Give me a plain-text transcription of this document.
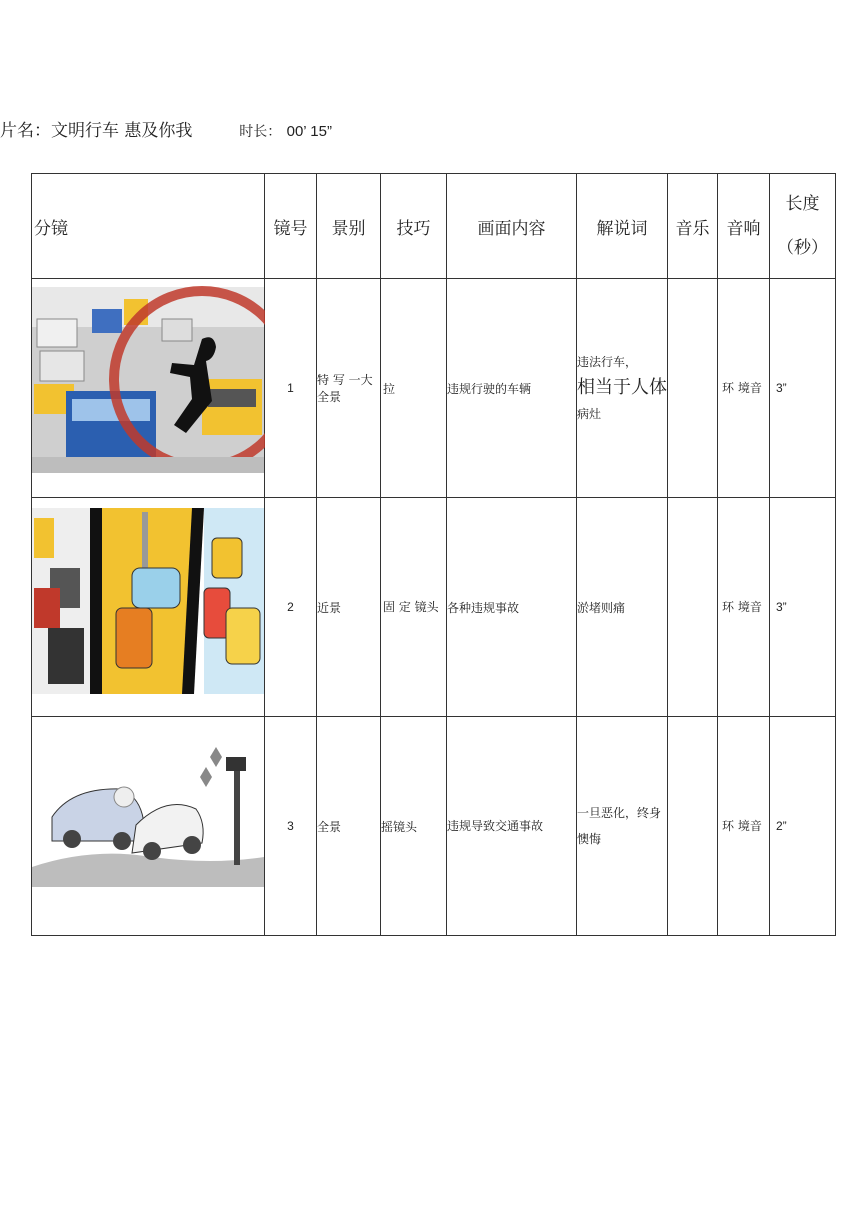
片名：文明行车 惠及你我	时长： 00’ 15”
分镜	镜号	景别	技巧	画面内容	解说词	音乐	音响	长度
（秒）

	1	特 写 一大全景	拉	违规行驶的车辆	违法行车，
相当于人体
病灶		环 境音	3”

	2	近景	固 定 镜头	各种违规事故	淤堵则痛		环 境音	3”

	3	全景	摇镜头	违规导致交通事故	一旦恶化，终身懊悔		环 境音	2”
